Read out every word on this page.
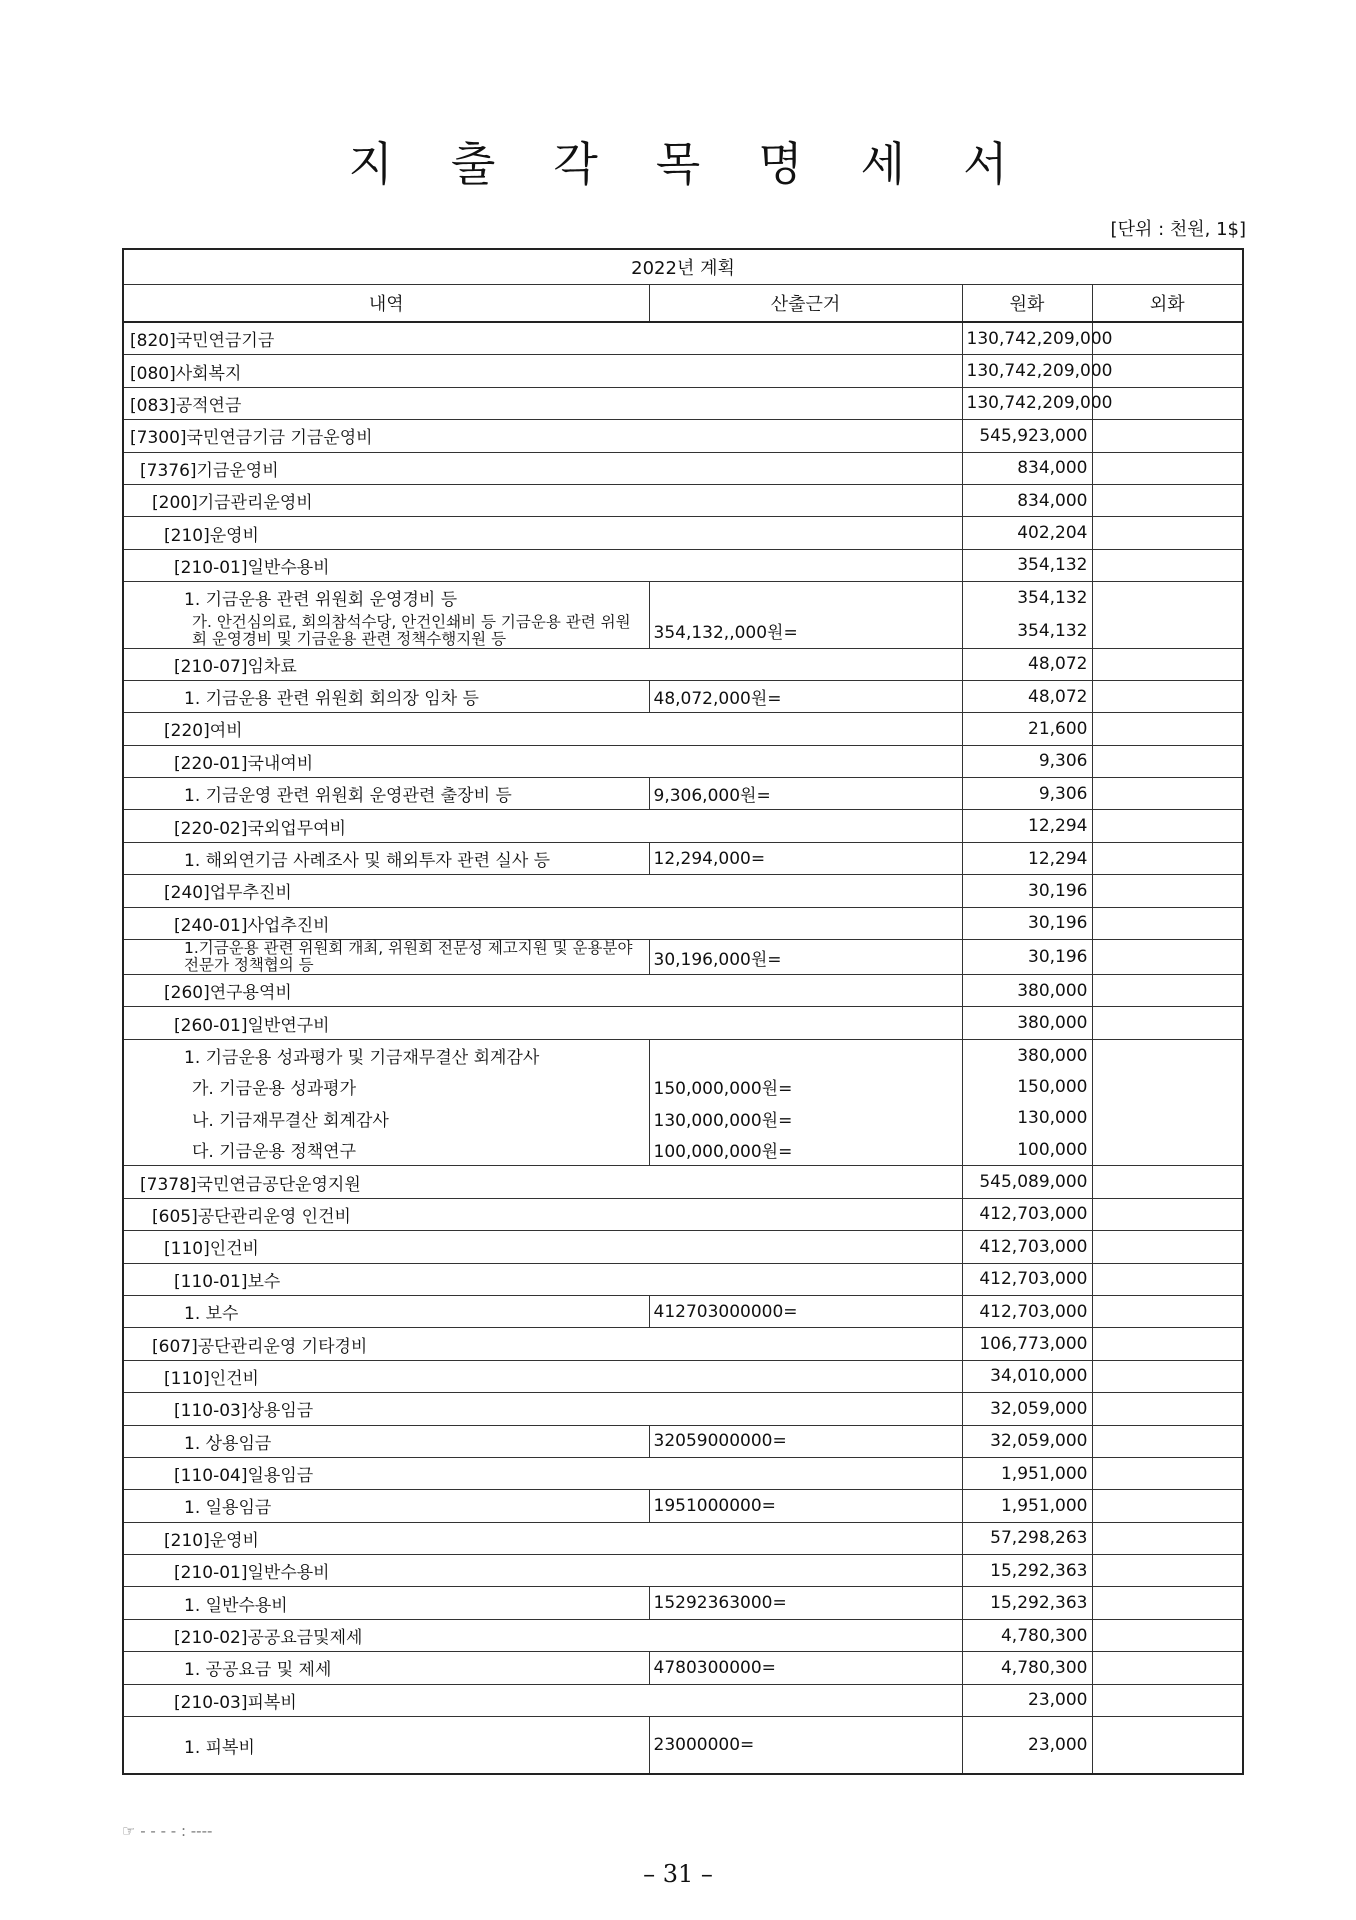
지 출 각 목 명 세 서
[단위 : 천원, 1$]
2022년 계획			
내역	산출근거	원화	외화
[820]국민연금기금		130,742,209,000	
[080]사회복지		130,742,209,000	
[083]공적연금		130,742,209,000	
[7300]국민연금기금 기금운영비		545,923,000	
[7376]기금운영비		834,000	
[200]기금관리운영비		834,000	
[210]운영비		402,204	
[210-01]일반수용비		354,132	
1. 기금운용 관련 위원회 운영경비 등		354,132	
가. 안건심의료, 회의참석수당, 안건인쇄비 등 기금운용 관련 위원회 운영경비 및 기금운용 관련 정책수행지원 등	354,132,,000원=	354,132	
[210-07]임차료		48,072	
1. 기금운용 관련 위원회 회의장 임차 등	48,072,000원=	48,072	
[220]여비		21,600	
[220-01]국내여비		9,306	
1. 기금운영 관련 위원회 운영관련 출장비 등	9,306,000원=	9,306	
[220-02]국외업무여비		12,294	
1. 해외연기금 사례조사 및 해외투자 관련 실사 등	12,294,000=	12,294	
[240]업무추진비		30,196	
[240-01]사업추진비		30,196	
1.기금운용 관련 위원회 개최, 위원회 전문성 제고지원 및 운용분야 전문가 정책협의 등	30,196,000원=	30,196	
[260]연구용역비		380,000	
[260-01]일반연구비		380,000	
1. 기금운용 성과평가 및 기금재무결산 회계감사		380,000	
가. 기금운용 성과평가	150,000,000원=	150,000	
나. 기금재무결산 회계감사	130,000,000원=	130,000	
다. 기금운용 정책연구	100,000,000원=	100,000	
[7378]국민연금공단운영지원		545,089,000	
[605]공단관리운영 인건비		412,703,000	
[110]인건비		412,703,000	
[110-01]보수		412,703,000	
1. 보수	412703000000=	412,703,000	
[607]공단관리운영 기타경비		106,773,000	
[110]인건비		34,010,000	
[110-03]상용임금		32,059,000	
1. 상용임금	32059000000=	32,059,000	
[110-04]일용임금		1,951,000	
1. 일용임금	1951000000=	1,951,000	
[210]운영비		57,298,263	
[210-01]일반수용비		15,292,363	
1. 일반수용비	15292363000=	15,292,363	
[210-02]공공요금및제세		4,780,300	
1. 공공요금 및 제세	4780300000=	4,780,300	
[210-03]피복비		23,000	
1. 피복비	23000000=	23,000	
☞ - - - - : ----
– 31 –
